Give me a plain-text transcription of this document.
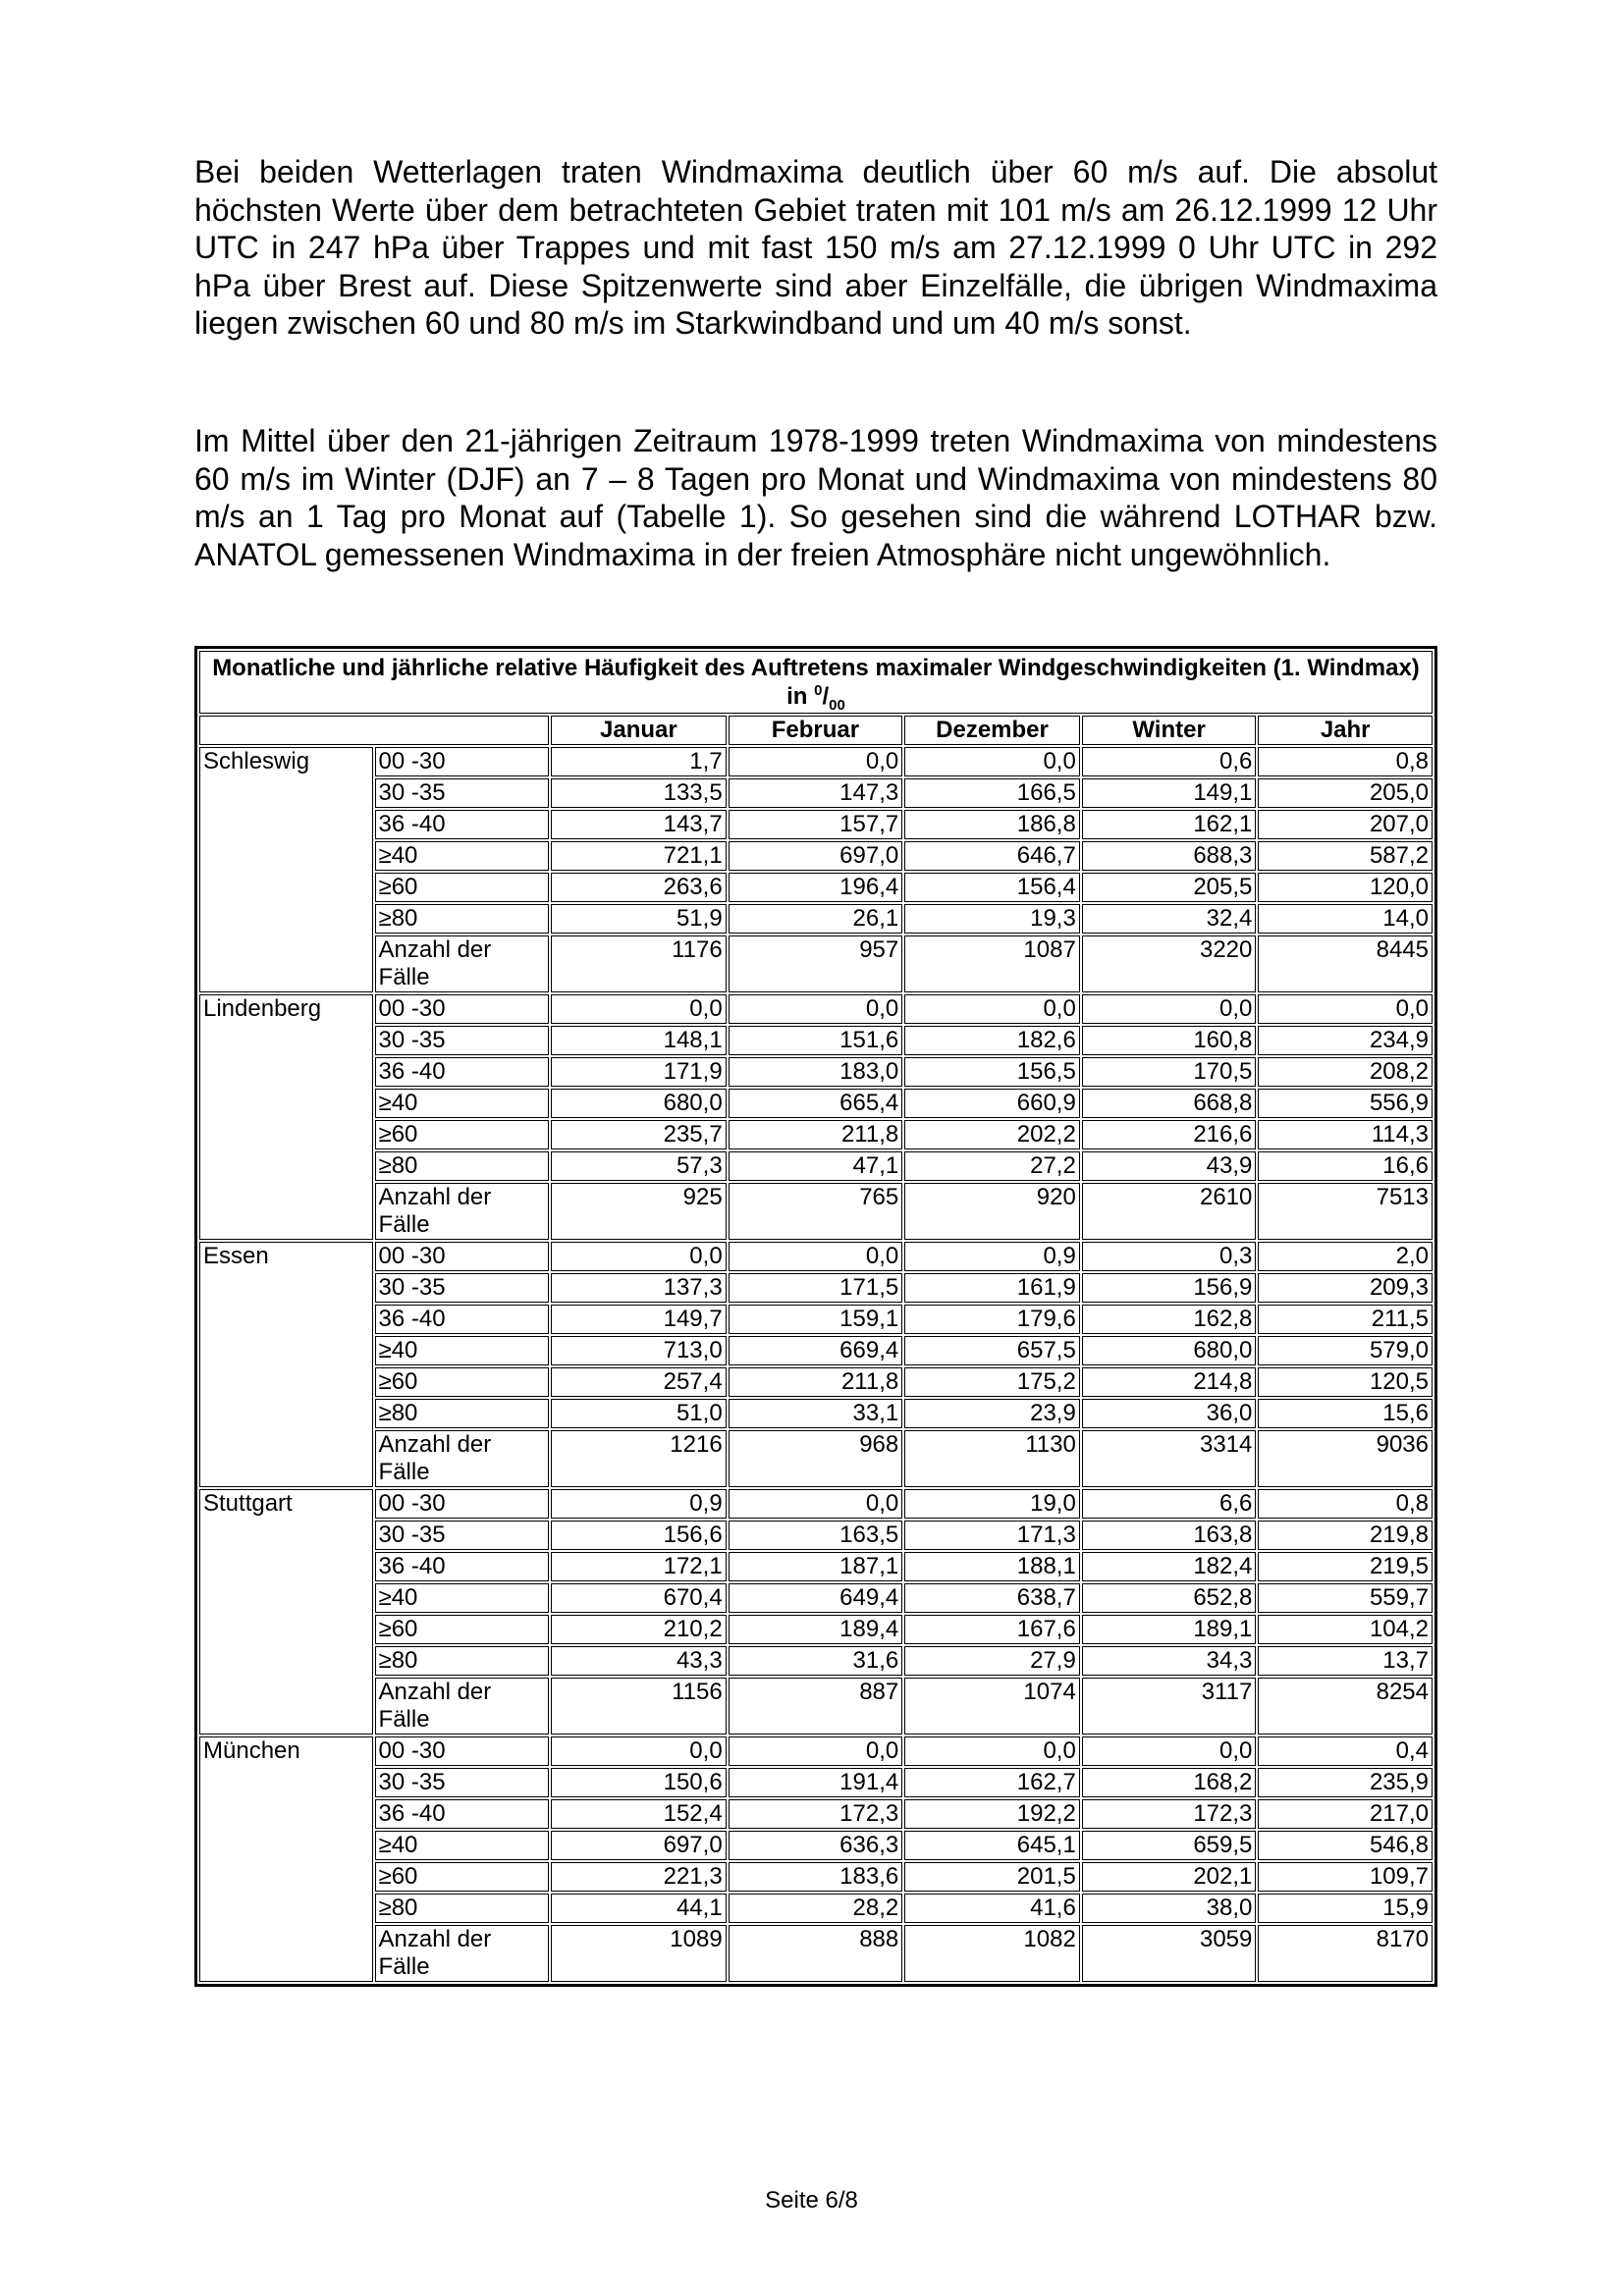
Bei beiden Wetterlagen traten Windmaxima deutlich über 60 m/s auf. Die absolut höchsten Werte über dem betrachteten Gebiet traten mit 101 m/s am 26.12.1999 12 Uhr UTC in 247 hPa über Trappes und mit fast 150 m/s am 27.12.1999 0 Uhr UTC in 292 hPa über Brest auf. Diese Spitzenwerte sind aber Einzelfälle, die übrigen Windmaxima liegen zwischen 60 und 80 m/s im Starkwindband und um 40 m/s sonst.

Im Mittel über den 21-jährigen Zeitraum 1978-1999 treten Windmaxima von mindestens 60 m/s im Winter (DJF) an 7 – 8 Tagen pro Monat und Windmaxima von mindestens 80 m/s an 1 Tag pro Monat auf (Tabelle 1). So gesehen sind die während LOTHAR bzw. ANATOL gemessenen Windmaxima in der freien Atmosphäre nicht ungewöhnlich.

Monatliche und jährliche relative Häufigkeit des Auftretens maximaler Windgeschwindigkeiten (1. Windmax) in $^0/_{00}$
		Januar	Februar	Dezember	Winter	Jahr
Schleswig	00 -30	1,7	0,0	0,0	0,6	0,8
	30 -35	133,5	147,3	166,5	149,1	205,0
	36 -40	143,7	157,7	186,8	162,1	207,0
	≥40	721,1	697,0	646,7	688,3	587,2
	≥60	263,6	196,4	156,4	205,5	120,0
	≥80	51,9	26,1	19,3	32,4	14,0
	Anzahl der Fälle	1176	957	1087	3220	8445
Lindenberg	00 -30	0,0	0,0	0,0	0,0	0,0
	30 -35	148,1	151,6	182,6	160,8	234,9
	36 -40	171,9	183,0	156,5	170,5	208,2
	≥40	680,0	665,4	660,9	668,8	556,9
	≥60	235,7	211,8	202,2	216,6	114,3
	≥80	57,3	47,1	27,2	43,9	16,6
	Anzahl der Fälle	925	765	920	2610	7513
Essen	00 -30	0,0	0,0	0,9	0,3	2,0
	30 -35	137,3	171,5	161,9	156,9	209,3
	36 -40	149,7	159,1	179,6	162,8	211,5
	≥40	713,0	669,4	657,5	680,0	579,0
	≥60	257,4	211,8	175,2	214,8	120,5
	≥80	51,0	33,1	23,9	36,0	15,6
	Anzahl der Fälle	1216	968	1130	3314	9036
Stuttgart	00 -30	0,9	0,0	19,0	6,6	0,8
	30 -35	156,6	163,5	171,3	163,8	219,8
	36 -40	172,1	187,1	188,1	182,4	219,5
	≥40	670,4	649,4	638,7	652,8	559,7
	≥60	210,2	189,4	167,6	189,1	104,2
	≥80	43,3	31,6	27,9	34,3	13,7
	Anzahl der Fälle	1156	887	1074	3117	8254
München	00 -30	0,0	0,0	0,0	0,0	0,4
	30 -35	150,6	191,4	162,7	168,2	235,9
	36 -40	152,4	172,3	192,2	172,3	217,0
	≥40	697,0	636,3	645,1	659,5	546,8
	≥60	221,3	183,6	201,5	202,1	109,7
	≥80	44,1	28,2	41,6	38,0	15,9
	Anzahl der Fälle	1089	888	1082	3059	8170
Seite 6/8
